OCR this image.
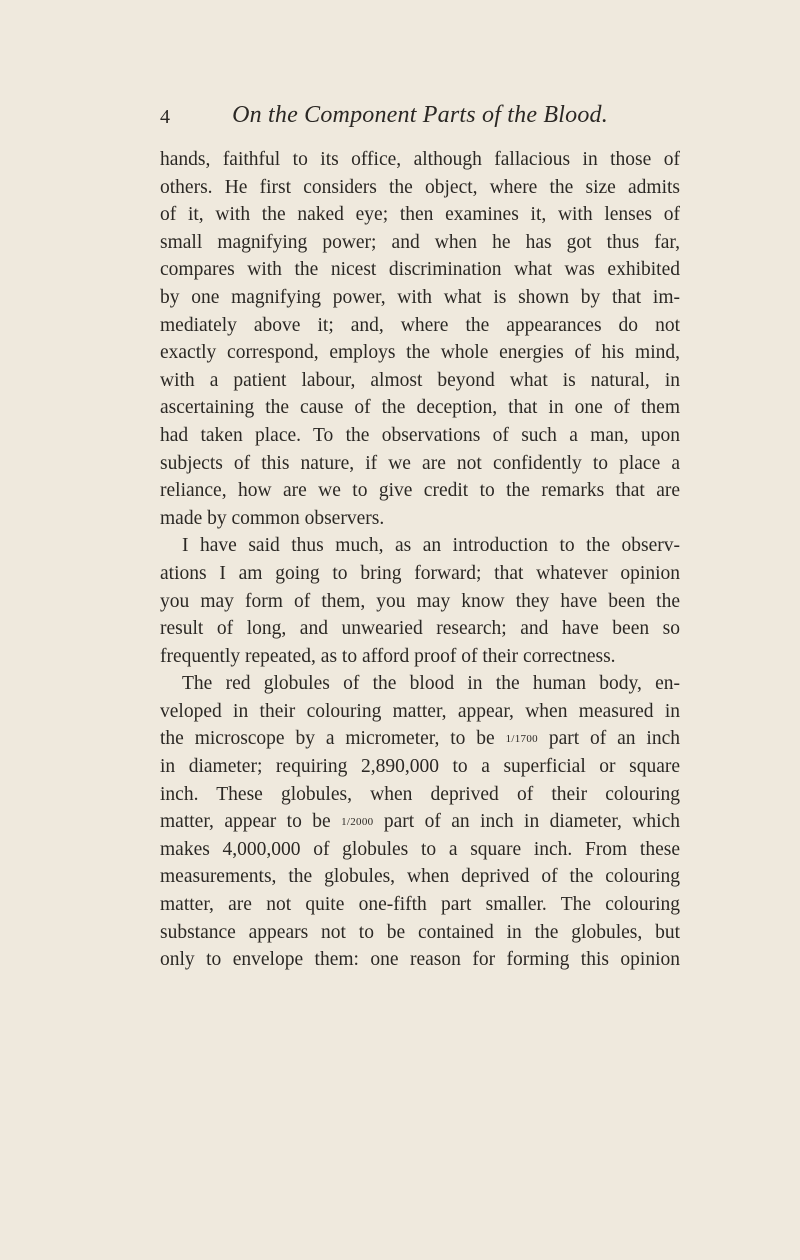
4	On the Component Parts of the Blood.
hands, faithful to its office, although fallacious in those of
others. He first considers the object, where the size admits
of it, with the naked eye; then examines it, with lenses of
small magnifying power; and when he has got thus far,
compares with the nicest discrimination what was exhibited
by one magnifying power, with what is shown by that im-
mediately above it; and, where the appearances do not
exactly correspond, employs the whole energies of his mind,
with a patient labour, almost beyond what is natural, in
ascertaining the cause of the deception, that in one of them
had taken place. To the observations of such a man, upon
subjects of this nature, if we are not confidently to place a
reliance, how are we to give credit to the remarks that are
made by common observers.
I have said thus much, as an introduction to the observ-
ations I am going to bring forward; that whatever opinion
you may form of them, you may know they have been the
result of long, and unwearied research; and have been so
frequently repeated, as to afford proof of their correctness.
The red globules of the blood in the human body, en-
veloped in their colouring matter, appear, when measured in
the microscope by a micrometer, to be 1/1700 part of an inch
in diameter; requiring 2,890,000 to a superficial or square
inch. These globules, when deprived of their colouring
matter, appear to be 1/2000 part of an inch in diameter, which
makes 4,000,000 of globules to a square inch. From these
measurements, the globules, when deprived of the colouring
matter, are not quite one-fifth part smaller. The colouring
substance appears not to be contained in the globules, but
only to envelope them: one reason for forming this opinion
